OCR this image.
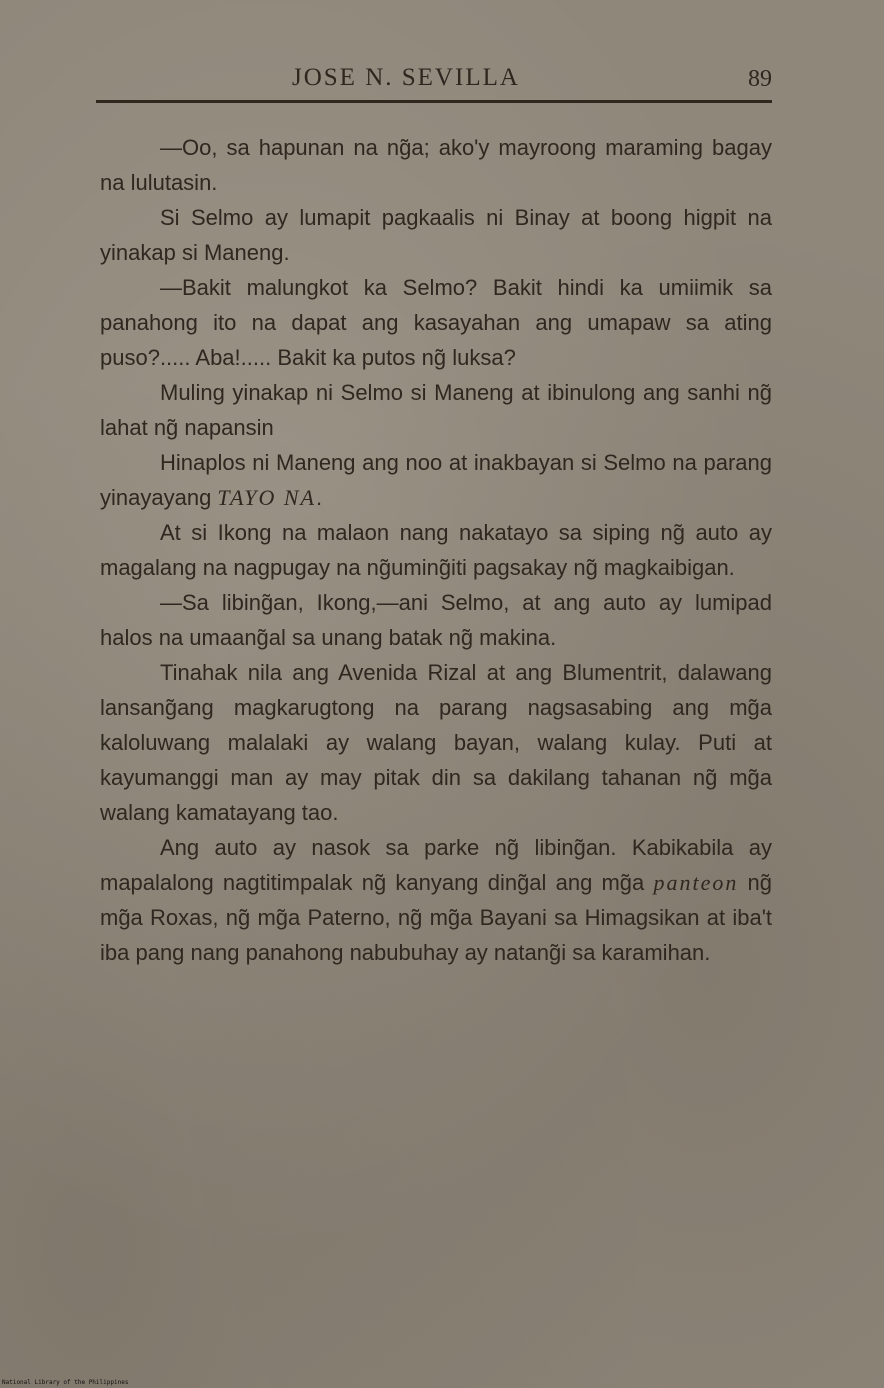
JOSE N. SEVILLA	89

—Oo, sa hapunan na ng̃a; ako'y mayroong maraming bagay na lulutasin.

Si Selmo ay lumapit pagkaalis ni Binay at boong higpit na yinakap si Maneng.

—Bakit malungkot ka Selmo? Bakit hindi ka umiimik sa panahong ito na dapat ang kasayahan ang umapaw sa ating puso?..... Aba!..... Bakit ka putos ng̃ luksa?

Muling yinakap ni Selmo si Maneng at ibinulong ang sanhi ng̃ lahat ng̃ napansin

Hinaplos ni Maneng ang noo at inakbayan si Selmo na parang yinayayang TAYO NA.

At si Ikong na malaon nang nakatayo sa siping ng̃ auto ay magalang na nagpugay na ng̃uming̃iti pagsakay ng̃ magkaibigan.

—Sa libing̃an, Ikong,—ani Selmo, at ang auto ay lumipad halos na umaang̃al sa unang batak ng̃ makina.

Tinahak nila ang Avenida Rizal at ang Blumentrit, dalawang lansang̃ang magkarugtong na parang nagsasabing ang mg̃a kaloluwang malalaki ay walang bayan, walang kulay. Puti at kayumanggi man ay may pitak din sa dakilang tahanan ng̃ mg̃a walang kamatayang tao.

Ang auto ay nasok sa parke ng̃ libing̃an. Kabikabila ay mapalalong nagtitimpalak ng̃ kanyang ding̃al ang mg̃a panteon ng̃ mg̃a Roxas, ng̃ mg̃a Paterno, ng̃ mg̃a Bayani sa Himagsikan at iba't iba pang nang panahong nabubuhay ay natang̃i sa karamihan.

National Library of the Philippines
